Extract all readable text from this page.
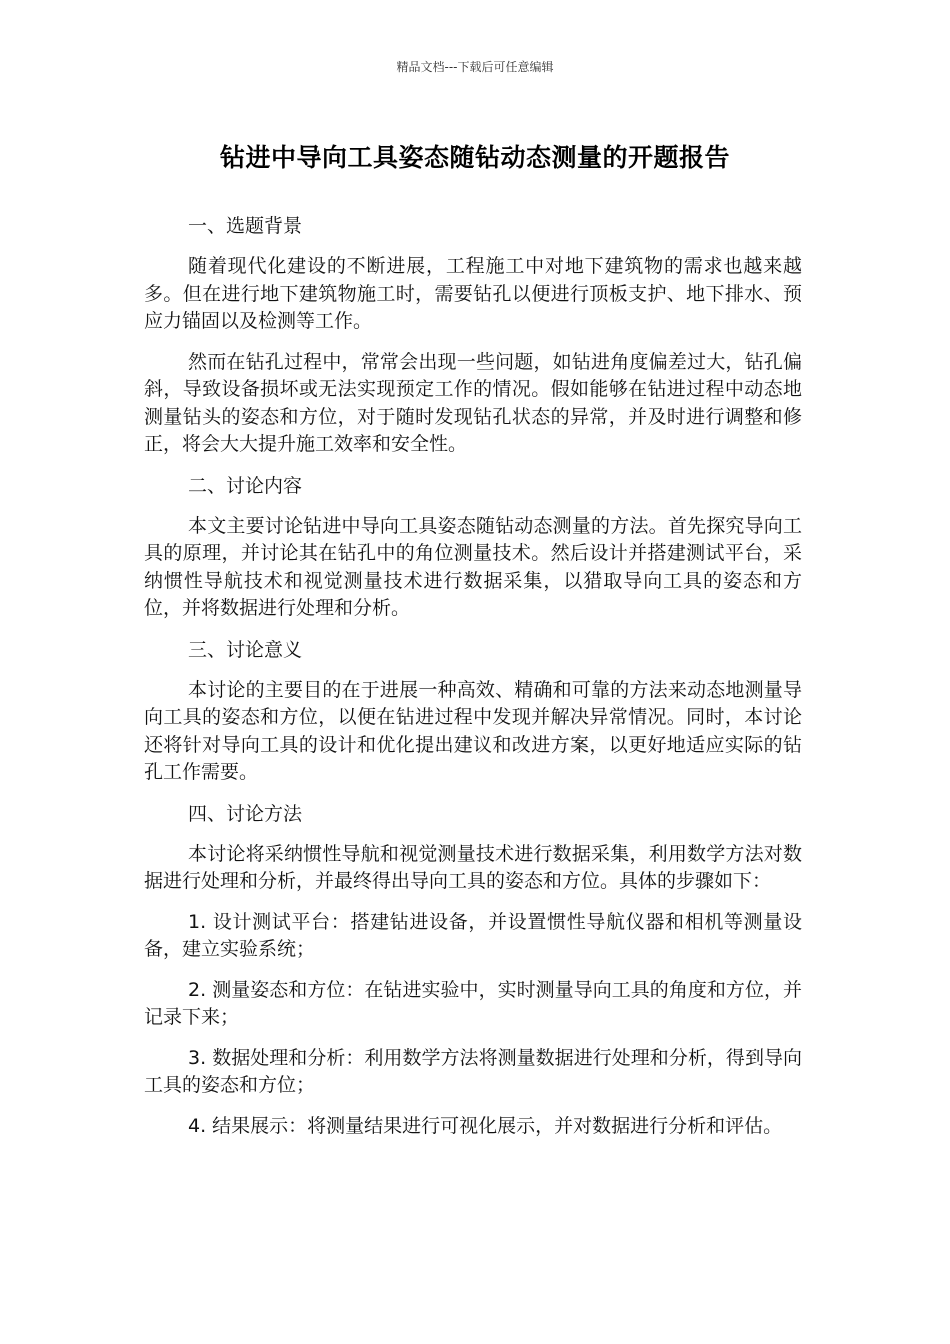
精品文档---下载后可任意编辑
钻进中导向工具姿态随钻动态测量的开题报告
一、选题背景
随着现代化建设的不断进展，工程施工中对地下建筑物的需求也越来越多。但在进行地下建筑物施工时，需要钻孔以便进行顶板支护、地下排水、预应力锚固以及检测等工作。
然而在钻孔过程中，常常会出现一些问题，如钻进角度偏差过大，钻孔偏斜，导致设备损坏或无法实现预定工作的情况。假如能够在钻进过程中动态地测量钻头的姿态和方位，对于随时发现钻孔状态的异常，并及时进行调整和修正，将会大大提升施工效率和安全性。
二、讨论内容
本文主要讨论钻进中导向工具姿态随钻动态测量的方法。首先探究导向工具的原理，并讨论其在钻孔中的角位测量技术。然后设计并搭建测试平台，采纳惯性导航技术和视觉测量技术进行数据采集，以猎取导向工具的姿态和方位，并将数据进行处理和分析。
三、讨论意义
本讨论的主要目的在于进展一种高效、精确和可靠的方法来动态地测量导向工具的姿态和方位，以便在钻进过程中发现并解决异常情况。同时，本讨论还将针对导向工具的设计和优化提出建议和改进方案，以更好地适应实际的钻孔工作需要。
四、讨论方法
本讨论将采纳惯性导航和视觉测量技术进行数据采集，利用数学方法对数据进行处理和分析，并最终得出导向工具的姿态和方位。具体的步骤如下：
1. 设计测试平台：搭建钻进设备，并设置惯性导航仪器和相机等测量设备，建立实验系统；
2. 测量姿态和方位：在钻进实验中，实时测量导向工具的角度和方位，并记录下来；
3. 数据处理和分析：利用数学方法将测量数据进行处理和分析，得到导向工具的姿态和方位；
4. 结果展示：将测量结果进行可视化展示，并对数据进行分析和评估。
